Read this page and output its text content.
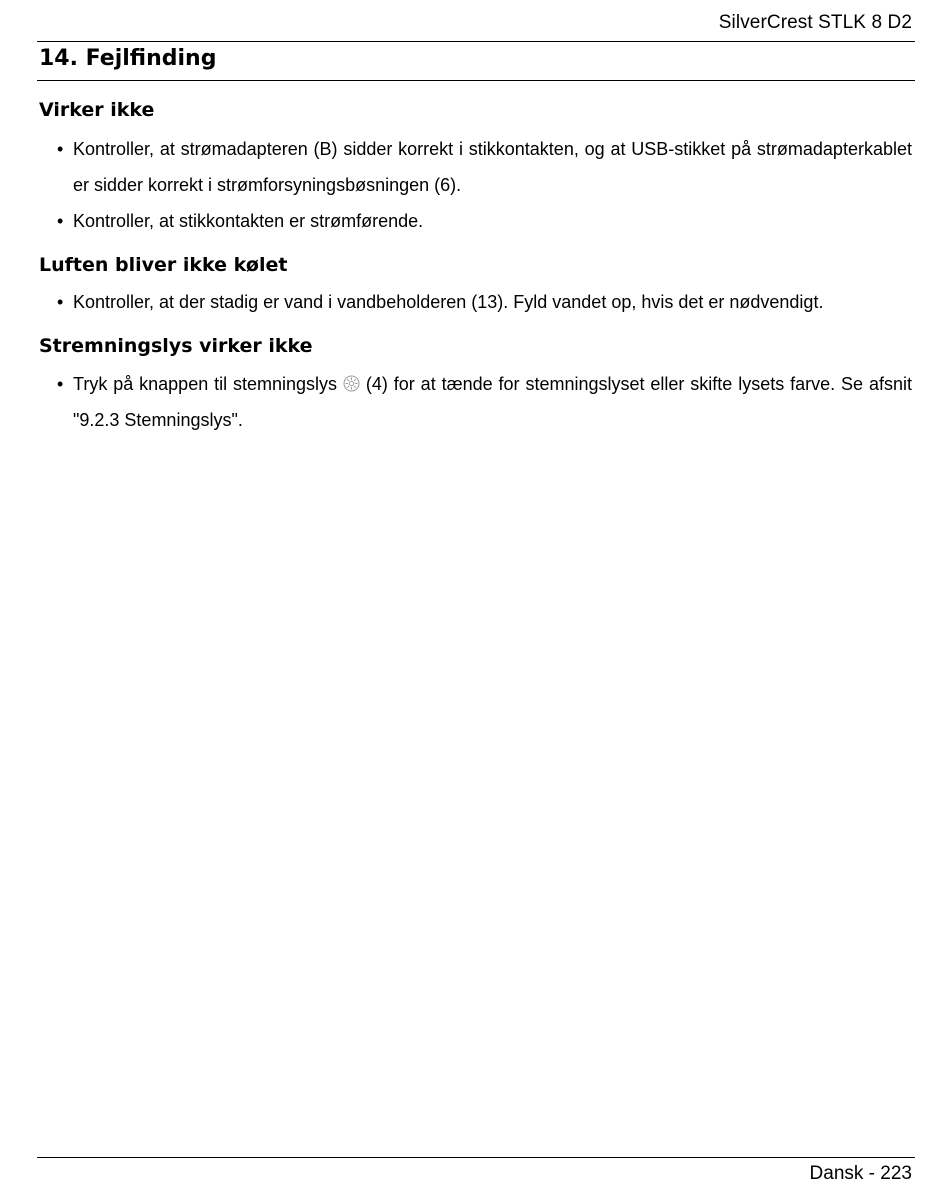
SilverCrest STLK 8 D2
14. Fejlfinding
Virker ikke
• Kontroller, at strømadapteren (B) sidder korrekt i stikkontakten, og at USB-stikket på strømadapterkablet er sidder korrekt i strømforsyningsbøsningen (6).
• Kontroller, at stikkontakten er strømførende.
Luften bliver ikke kølet
• Kontroller, at der stadig er vand i vandbeholderen (13). Fyld vandet op, hvis det er nødvendigt.
Stremningslys virker ikke
• Tryk på knappen til stemningslys  (4) for at tænde for stemningslyset eller skifte lysets farve. Se afsnit "9.2.3 Stemningslys".
Dansk - 223
